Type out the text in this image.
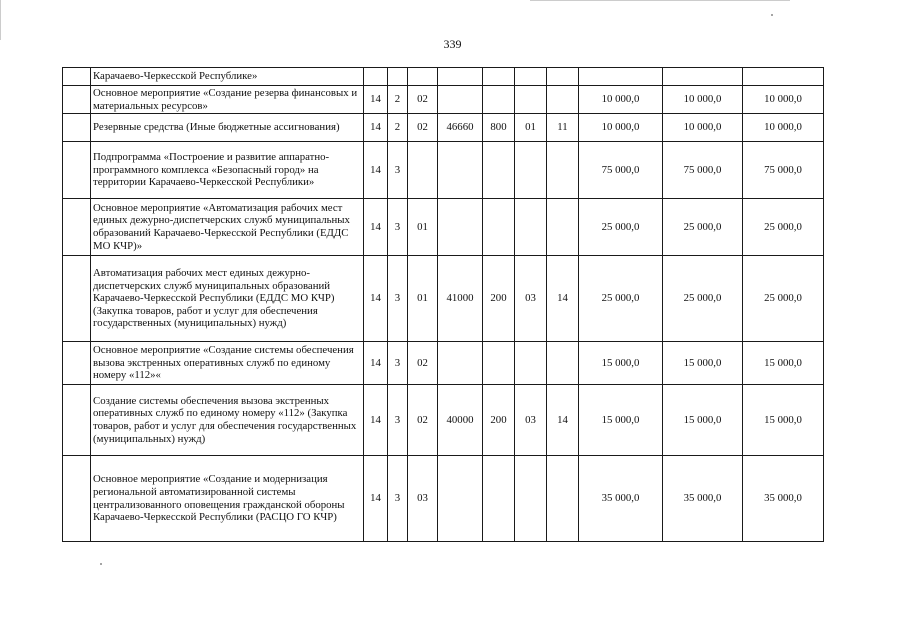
339
	Карачаево-Черкесской Республике»										
	Основное мероприятие «Создание резерва финансовых и материальных ресурсов»	14	2	02					10 000,0	10 000,0	10 000,0
	Резервные средства (Иные бюджетные ассигнования)	14	2	02	46660	800	01	11	10 000,0	10 000,0	10 000,0
	Подпрограмма «Построение и развитие аппаратно-программного комплекса «Безопасный город» на территории Карачаево-Черкесской Республики»	14	3						75 000,0	75 000,0	75 000,0
	Основное мероприятие «Автоматизация рабочих мест единых дежурно-диспетчерских служб муниципальных образований Карачаево-Черкесской Республики (ЕДДС МО КЧР)»	14	3	01					25 000,0	25 000,0	25 000,0
	Автоматизация рабочих мест единых дежурно-диспетчерских служб муниципальных образований Карачаево-Черкесской Республики (ЕДДС МО КЧР) (Закупка товаров, работ и услуг для обеспечения государственных (муниципальных) нужд)	14	3	01	41000	200	03	14	25 000,0	25 000,0	25 000,0
	Основное мероприятие «Создание системы обеспечения вызова экстренных оперативных служб по единому номеру «112»«	14	3	02					15 000,0	15 000,0	15 000,0
	Создание системы обеспечения вызова экстренных оперативных служб по единому номеру «112» (Закупка товаров, работ и услуг для обеспечения государственных (муниципальных) нужд)	14	3	02	40000	200	03	14	15 000,0	15 000,0	15 000,0
	Основное мероприятие «Создание и модернизация региональной автоматизированной системы централизованного оповещения гражданской обороны Карачаево-Черкесской Республики (РАСЦО ГО КЧР)	14	3	03					35 000,0	35 000,0	35 000,0
